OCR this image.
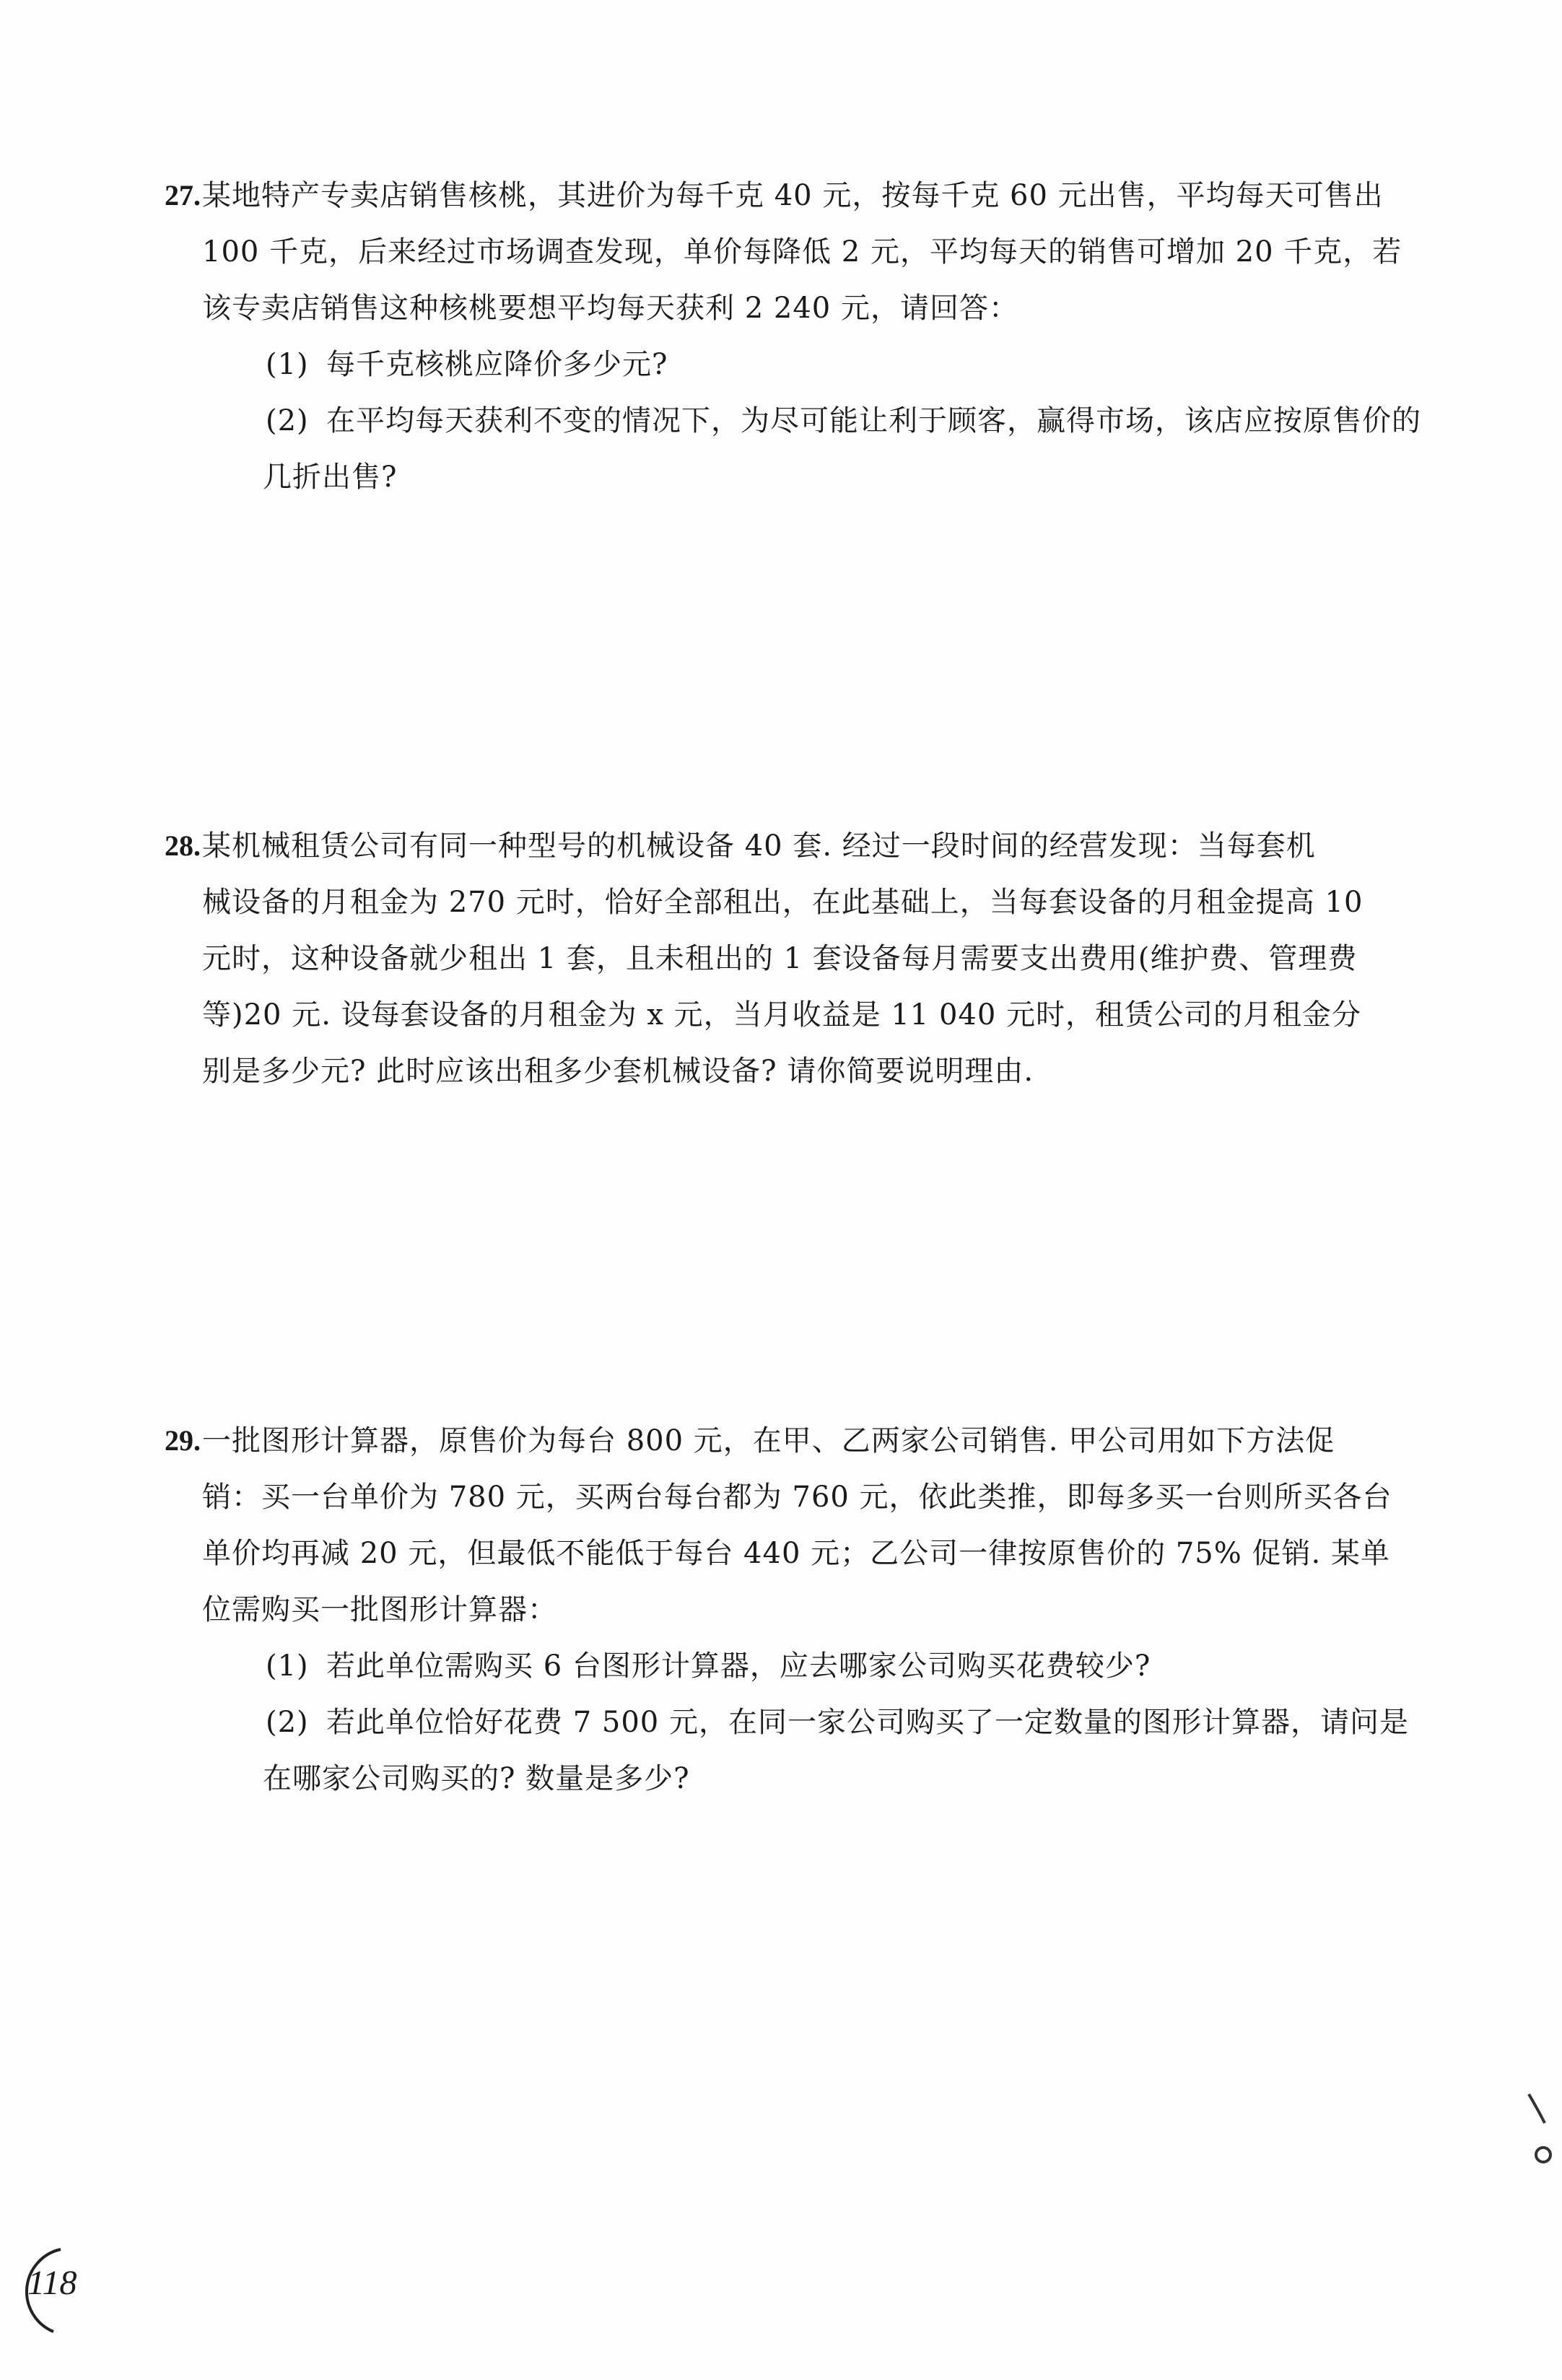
27. 某地特产专卖店销售核桃，其进价为每千克 40 元，按每千克 60 元出售，平均每天可售出
100 千克，后来经过市场调查发现，单价每降低 2 元，平均每天的销售可增加 20 千克，若
该专卖店销售这种核桃要想平均每天获利 2 240 元，请回答：
(1) 每千克核桃应降价多少元?
(2) 在平均每天获利不变的情况下，为尽可能让利于顾客，赢得市场，该店应按原售价的
几折出售?
28. 某机械租赁公司有同一种型号的机械设备 40 套. 经过一段时间的经营发现：当每套机
械设备的月租金为 270 元时，恰好全部租出，在此基础上，当每套设备的月租金提高 10
元时，这种设备就少租出 1 套，且未租出的 1 套设备每月需要支出费用(维护费、管理费
等)20 元. 设每套设备的月租金为 x 元，当月收益是 11 040 元时，租赁公司的月租金分
别是多少元? 此时应该出租多少套机械设备? 请你简要说明理由.
29. 一批图形计算器，原售价为每台 800 元，在甲、乙两家公司销售. 甲公司用如下方法促
销：买一台单价为 780 元，买两台每台都为 760 元，依此类推，即每多买一台则所买各台
单价均再减 20 元，但最低不能低于每台 440 元；乙公司一律按原售价的 75% 促销. 某单
位需购买一批图形计算器：
(1) 若此单位需购买 6 台图形计算器，应去哪家公司购买花费较少?
(2) 若此单位恰好花费 7 500 元，在同一家公司购买了一定数量的图形计算器，请问是
在哪家公司购买的? 数量是多少?
118
